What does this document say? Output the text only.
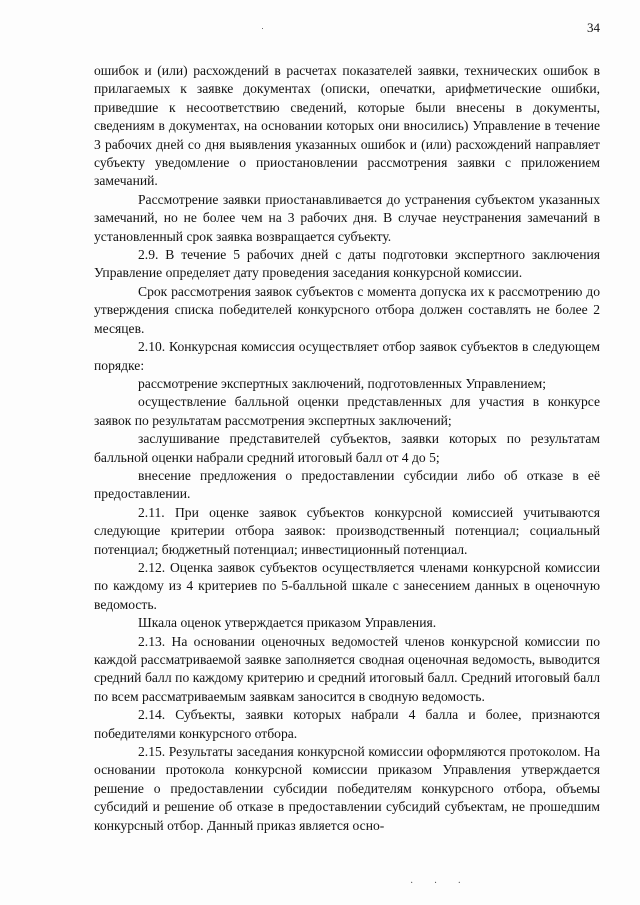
34

ошибок и (или) расхождений в расчетах показателей заявки, технических ошибок в прилагаемых к заявке документах (описки, опечатки, арифметические ошибки, приведшие к несоответствию сведений, которые были внесены в документы, сведениям в документах, на основании которых они вносились) Управление в течение 3 рабочих дней со дня выявления указанных ошибок и (или) расхождений направляет субъекту уведомление о приостановлении рассмотрения заявки с приложением замечаний.

Рассмотрение заявки приостанавливается до устранения субъектом указанных замечаний, но не более чем на 3 рабочих дня. В случае неустранения замечаний в установленный срок заявка возвращается субъекту.

2.9. В течение 5 рабочих дней с даты подготовки экспертного заключения Управление определяет дату проведения заседания конкурсной комиссии.

Срок рассмотрения заявок субъектов с момента допуска их к рассмотрению до утверждения списка победителей конкурсного отбора должен составлять не более 2 месяцев.

2.10. Конкурсная комиссия осуществляет отбор заявок субъектов в следующем порядке:

рассмотрение экспертных заключений, подготовленных Управлением;

осуществление балльной оценки представленных для участия в конкурсе заявок по результатам рассмотрения экспертных заключений;

заслушивание представителей субъектов, заявки которых по результатам балльной оценки набрали средний итоговый балл от 4 до 5;

внесение предложения о предоставлении субсидии либо об отказе в её предоставлении.

2.11. При оценке заявок субъектов конкурсной комиссией учитываются следующие критерии отбора заявок: производственный потенциал; социальный потенциал; бюджетный потенциал; инвестиционный потенциал.

2.12. Оценка заявок субъектов осуществляется членами конкурсной комиссии по каждому из 4 критериев по 5-балльной шкале с занесением данных в оценочную ведомость.

Шкала оценок утверждается приказом Управления.

2.13. На основании оценочных ведомостей членов конкурсной комиссии по каждой рассматриваемой заявке заполняется сводная оценочная ведомость, выводится средний балл по каждому критерию и средний итоговый балл. Средний итоговый балл по всем рассматриваемым заявкам заносится в сводную ведомость.

2.14. Субъекты, заявки которых набрали 4 балла и более, признаются победителями конкурсного отбора.

2.15. Результаты заседания конкурсной комиссии оформляются протоколом. На основании протокола конкурсной комиссии приказом Управления утверждается решение о предоставлении субсидии победителям конкурсного отбора, объемы субсидий и решение об отказе в предоставлении субсидий субъектам, не прошедшим конкурсный отбор. Данный приказ является осно-

· · ·
